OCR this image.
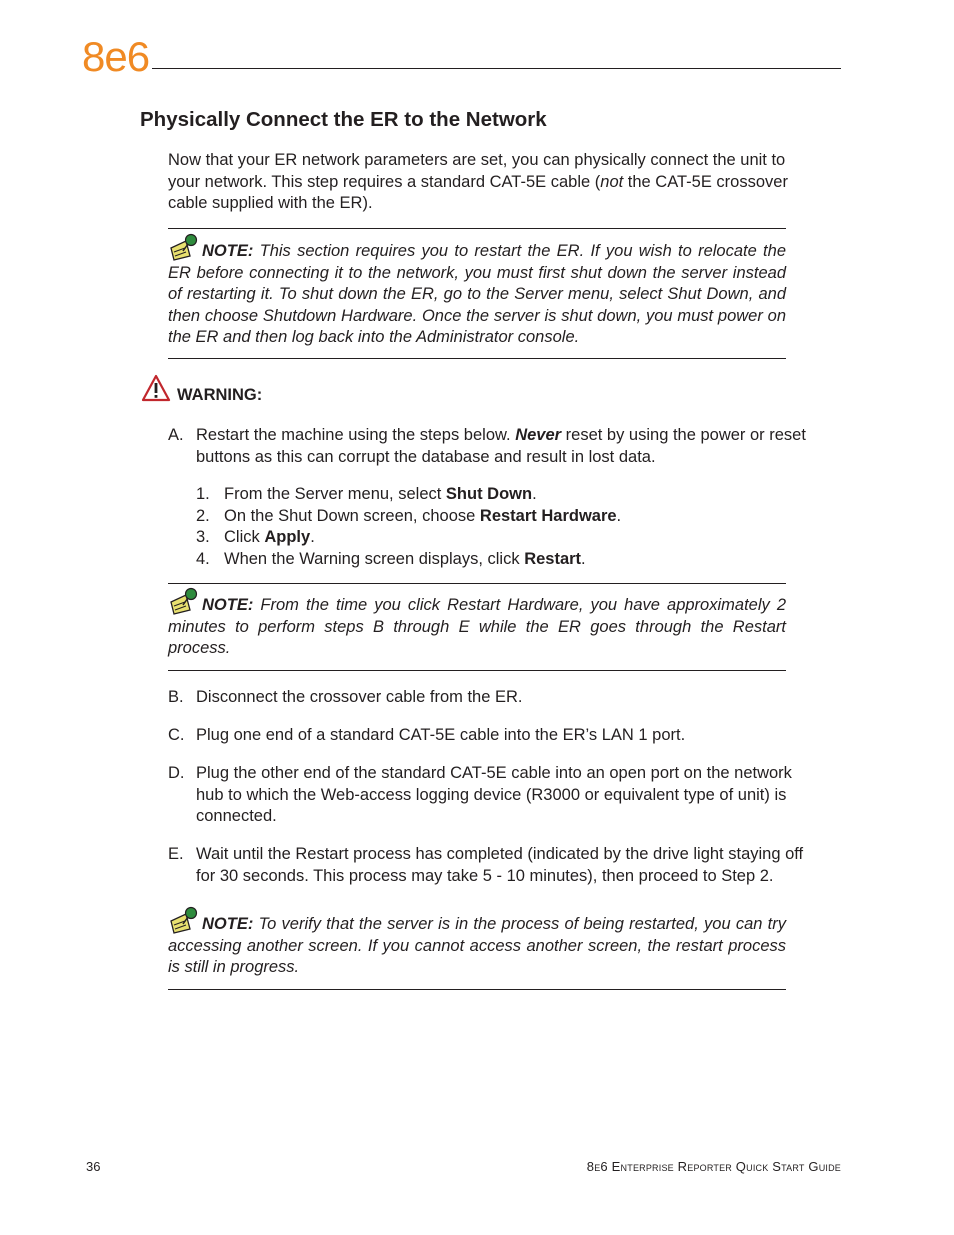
8e6
Physically Connect the ER to the Network
Now that your ER network parameters are set, you can physically connect the unit to
your network. This step requires a standard CAT-5E cable (not the CAT-5E crossover
cable supplied with the ER).
NOTE: This section requires you to restart the ER. If you wish to relocate the ER before connecting it to the network, you must first shut down the server instead of restarting it. To shut down the ER, go to the Server menu, select Shut Down, and then choose Shutdown Hardware. Once the server is shut down, you must power on the ER and then log back into the Administrator console.
WARNING:
A. Restart the machine using the steps below. Never reset by using the power or reset
buttons as this can corrupt the database and result in lost data.
1. From the Server menu, select Shut Down.
2. On the Shut Down screen, choose Restart Hardware.
3. Click Apply.
4. When the Warning screen displays, click Restart.
NOTE: From the time you click Restart Hardware, you have approximately 2 minutes to perform steps B through E while the ER goes through the Restart process.
B. Disconnect the crossover cable from the ER.
C. Plug one end of a standard CAT-5E cable into the ER’s LAN 1 port.
D. Plug the other end of the standard CAT-5E cable into an open port on the network
hub to which the Web-access logging device (R3000 or equivalent type of unit) is
connected.
E. Wait until the Restart process has completed (indicated by the drive light staying off
for 30 seconds. This process may take 5 - 10 minutes), then proceed to Step 2.
NOTE: To verify that the server is in the process of being restarted, you can try accessing another screen. If you cannot access another screen, the restart process is still in progress.
36	8e6 Enterprise Reporter Quick Start Guide
